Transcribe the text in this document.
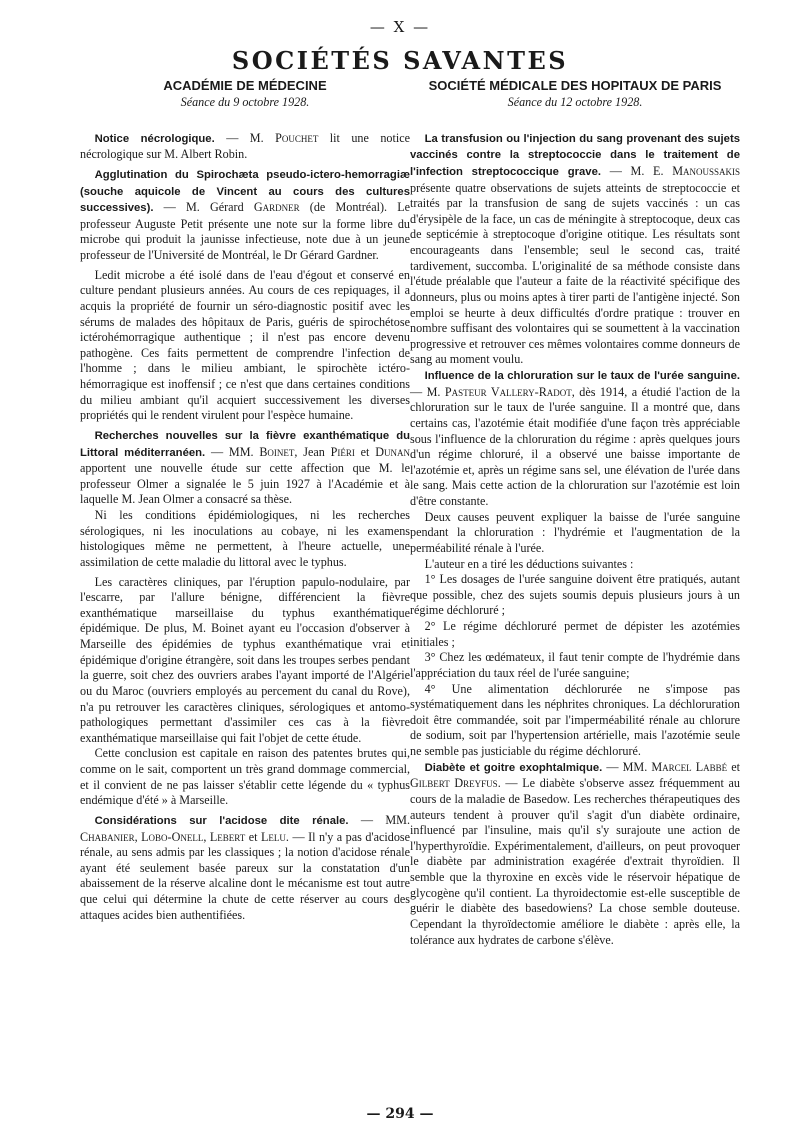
— X —
SOCIÉTÉS SAVANTES
ACADÉMIE DE MÉDECINE
Séance du 9 octobre 1928.

Notice nécrologique. — M. Pouchet lit une notice nécrologique sur M. Albert Robin.

Agglutination du Spirochæta pseudo-ictero-hemorragiæ (souche aquicole de Vincent au cours des cultures successives). — M. Gérard Gardner (de Montréal). Le professeur Auguste Petit présente une note sur la forme libre du microbe qui produit la jaunisse infectieuse, note due à un jeune professeur de l'Université de Montréal, le Dr Gérard Gardner.

Ledit microbe a été isolé dans de l'eau d'égout et conservé en culture pendant plusieurs années. Au cours de ces repiquages, il a acquis la propriété de fournir un séro-diagnostic positif avec les sérums de malades des hôpitaux de Paris, guéris de spirochétose ictérohémorragique authentique ; il n'est pas encore devenu pathogène. Ces faits permettent de comprendre l'infection de l'homme ; dans le milieu ambiant, le spirochète ictéro-hémorragique est inoffensif ; ce n'est que dans certaines conditions du milieu ambiant qu'il acquiert successivement les diverses propriétés qui le rendent virulent pour l'espèce humaine.

Recherches nouvelles sur la fièvre exanthématique du Littoral méditerranéen. — MM. Boinet, Jean Piéri et Dunan apportent une nouvelle étude sur cette affection que M. le professeur Olmer a signalée le 5 juin 1927 à l'Académie et à laquelle M. Jean Olmer a consacré sa thèse.

Ni les conditions épidémiologiques, ni les recherches sérologiques, ni les inoculations au cobaye, ni les examens histologiques même ne permettent, à l'heure actuelle, une assimilation de cette maladie du littoral avec le typhus.

Les caractères cliniques, par l'éruption papulo-nodulaire, par l'escarre, par l'allure bénigne, différencient la fièvre exanthématique marseillaise du typhus exanthématique épidémique. De plus, M. Boinet ayant eu l'occasion d'observer à Marseille des épidémies de typhus exanthématique vrai et épidémique d'origine étrangère, soit dans les troupes serbes pendant la guerre, soit chez des ouvriers arabes l'ayant importé de l'Algérie ou du Maroc (ouvriers employés au percement du canal du Rove), n'a pu retrouver les caractères cliniques, sérologiques et antomo-pathologiques permettant d'assimiler ces cas à la fièvre exanthématique marseillaise qui fait l'objet de cette étude.

Cette conclusion est capitale en raison des patentes brutes qui, comme on le sait, comportent un très grand dommage commercial, et il convient de ne pas laisser s'établir cette légende du « typhus endémique d'été » à Marseille.

Considérations sur l'acidose dite rénale. — MM. Chabanier, Lobo-Onell, Lebert et Lelu. — Il n'y a pas d'acidose rénale, au sens admis par les classiques ; la notion d'acidose rénale ayant été seulement basée pareux sur la constatation d'un abaissement de la réserve alcaline dont le mécanisme est tout autre que celui qui détermine la chute de cette réserver au cours des attaques acides bien authentifiées.

SOCIÉTÉ MÉDICALE DES HOPITAUX DE PARIS
Séance du 12 octobre 1928.

La transfusion ou l'injection du sang provenant des sujets vaccinés contre la streptococcie dans le traitement de l'infection streptococcique grave. — M. E. Manoussakis présente quatre observations de sujets atteints de streptococcie et traités par la transfusion de sang de sujets vaccinés : un cas d'érysipèle de la face, un cas de méningite à streptocoque, deux cas de septicémie à streptocoque d'origine otitique. Les résultats sont encourageants dans l'ensemble; seul le second cas, traité tardivement, succomba. L'originalité de sa méthode consiste dans l'étude préalable que l'auteur a faite de la réactivité spécifique des donneurs, plus ou moins aptes à tirer parti de l'antigène injecté. Son emploi se heurte à deux difficultés d'ordre pratique : trouver en nombre suffisant des volontaires qui se soumettent à la vaccination progressive et retrouver ces mêmes volontaires comme donneurs de sang au moment voulu.

Influence de la chloruration sur le taux de l'urée sanguine. — M. Pasteur Vallery-Radot, dès 1914, a étudié l'action de la chloruration sur le taux de l'urée sanguine. Il a montré que, dans certains cas, l'azotémie était modifiée d'une façon très appréciable sous l'influence de la chloruration du régime : après quelques jours d'un régime chloruré, il a observé une baisse importante de l'azotémie et, après un régime sans sel, une élévation de l'urée dans le sang. Mais cette action de la chloruration sur l'azotémie est loin d'être constante.

Deux causes peuvent expliquer la baisse de l'urée sanguine pendant la chloruration : l'hydrémie et l'augmentation de la perméabilité rénale à l'urée.

L'auteur en a tiré les déductions suivantes :

1° Les dosages de l'urée sanguine doivent être pratiqués, autant que possible, chez des sujets soumis depuis plusieurs jours à un régime déchloruré ;

2° Le régime déchloruré permet de dépister les azotémies initiales ;

3° Chez les œdémateux, il faut tenir compte de l'hydrémie dans l'appréciation du taux réel de l'urée sanguine;

4° Une alimentation déchlorurée ne s'impose pas systématiquement dans les néphrites chroniques. La déchloruration doit être commandée, soit par l'imperméabilité rénale au chlorure de sodium, soit par l'hypertension artérielle, mais l'azotémie seule ne semble pas justiciable du régime déchloruré.

Diabète et goitre exophtalmique. — MM. Marcel Labbé et Gilbert Dreyfus. — Le diabète s'observe assez fréquemment au cours de la maladie de Basedow. Les recherches thérapeutiques des auteurs tendent à prouver qu'il s'agit d'un diabète ordinaire, influencé par l'insuline, mais qu'il s'y surajoute une action de l'hyperthyroïdie. Expérimentalement, d'ailleurs, on peut provoquer le diabète par administration exagérée d'extrait thyroïdien. Il semble que la thyroxine en excès vide le réservoir hépatique de glycogène qu'il contient. La thyroidectomie est-elle susceptible de guérir le diabète des basedowiens? La chose semble douteuse. Cependant la thyroïdectomie améliore le diabète : après elle, la tolérance aux hydrates de carbone s'élève.

— 294 —
